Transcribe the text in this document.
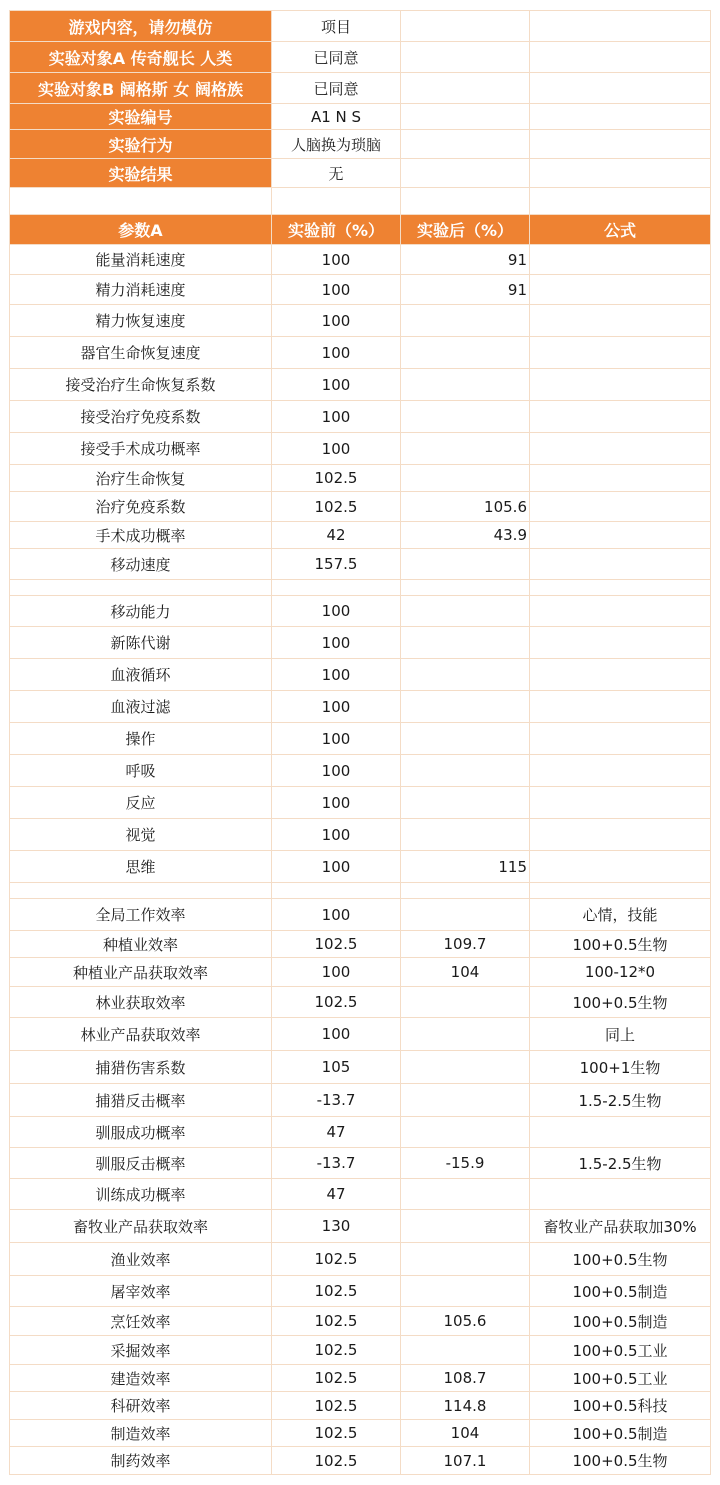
游戏内容，请勿模仿	项目		
实验对象A 传奇舰长 人类	已同意		
实验对象B 阔格斯 女 阔格族	已同意		
实验编号	A1 N S		
实验行为	人脑换为琐脑		
实验结果	无		

参数A	实验前（%）	实验后（%）	公式
能量消耗速度	100	91	
精力消耗速度	100	91	
精力恢复速度	100		
器官生命恢复速度	100		
接受治疗生命恢复系数	100		
接受治疗免疫系数	100		
接受手术成功概率	100		
治疗生命恢复	102.5		
治疗免疫系数	102.5	105.6	
手术成功概率	42	43.9	
移动速度	157.5		

移动能力	100		
新陈代谢	100		
血液循环	100		
血液过滤	100		
操作	100		
呼吸	100		
反应	100		
视觉	100		
思维	100	115	

全局工作效率	100		心情，技能
种植业效率	102.5	109.7	100+0.5生物
种植业产品获取效率	100	104	100-12*0
林业获取效率	102.5		100+0.5生物
林业产品获取效率	100		同上
捕猎伤害系数	105		100+1生物
捕猎反击概率	-13.7		1.5-2.5生物
驯服成功概率	47		
驯服反击概率	-13.7	-15.9	1.5-2.5生物
训练成功概率	47		
畜牧业产品获取效率	130		畜牧业产品获取加30%
渔业效率	102.5		100+0.5生物
屠宰效率	102.5		100+0.5制造
烹饪效率	102.5	105.6	100+0.5制造
采掘效率	102.5		100+0.5工业
建造效率	102.5	108.7	100+0.5工业
科研效率	102.5	114.8	100+0.5科技
制造效率	102.5	104	100+0.5制造
制药效率	102.5	107.1	100+0.5生物
